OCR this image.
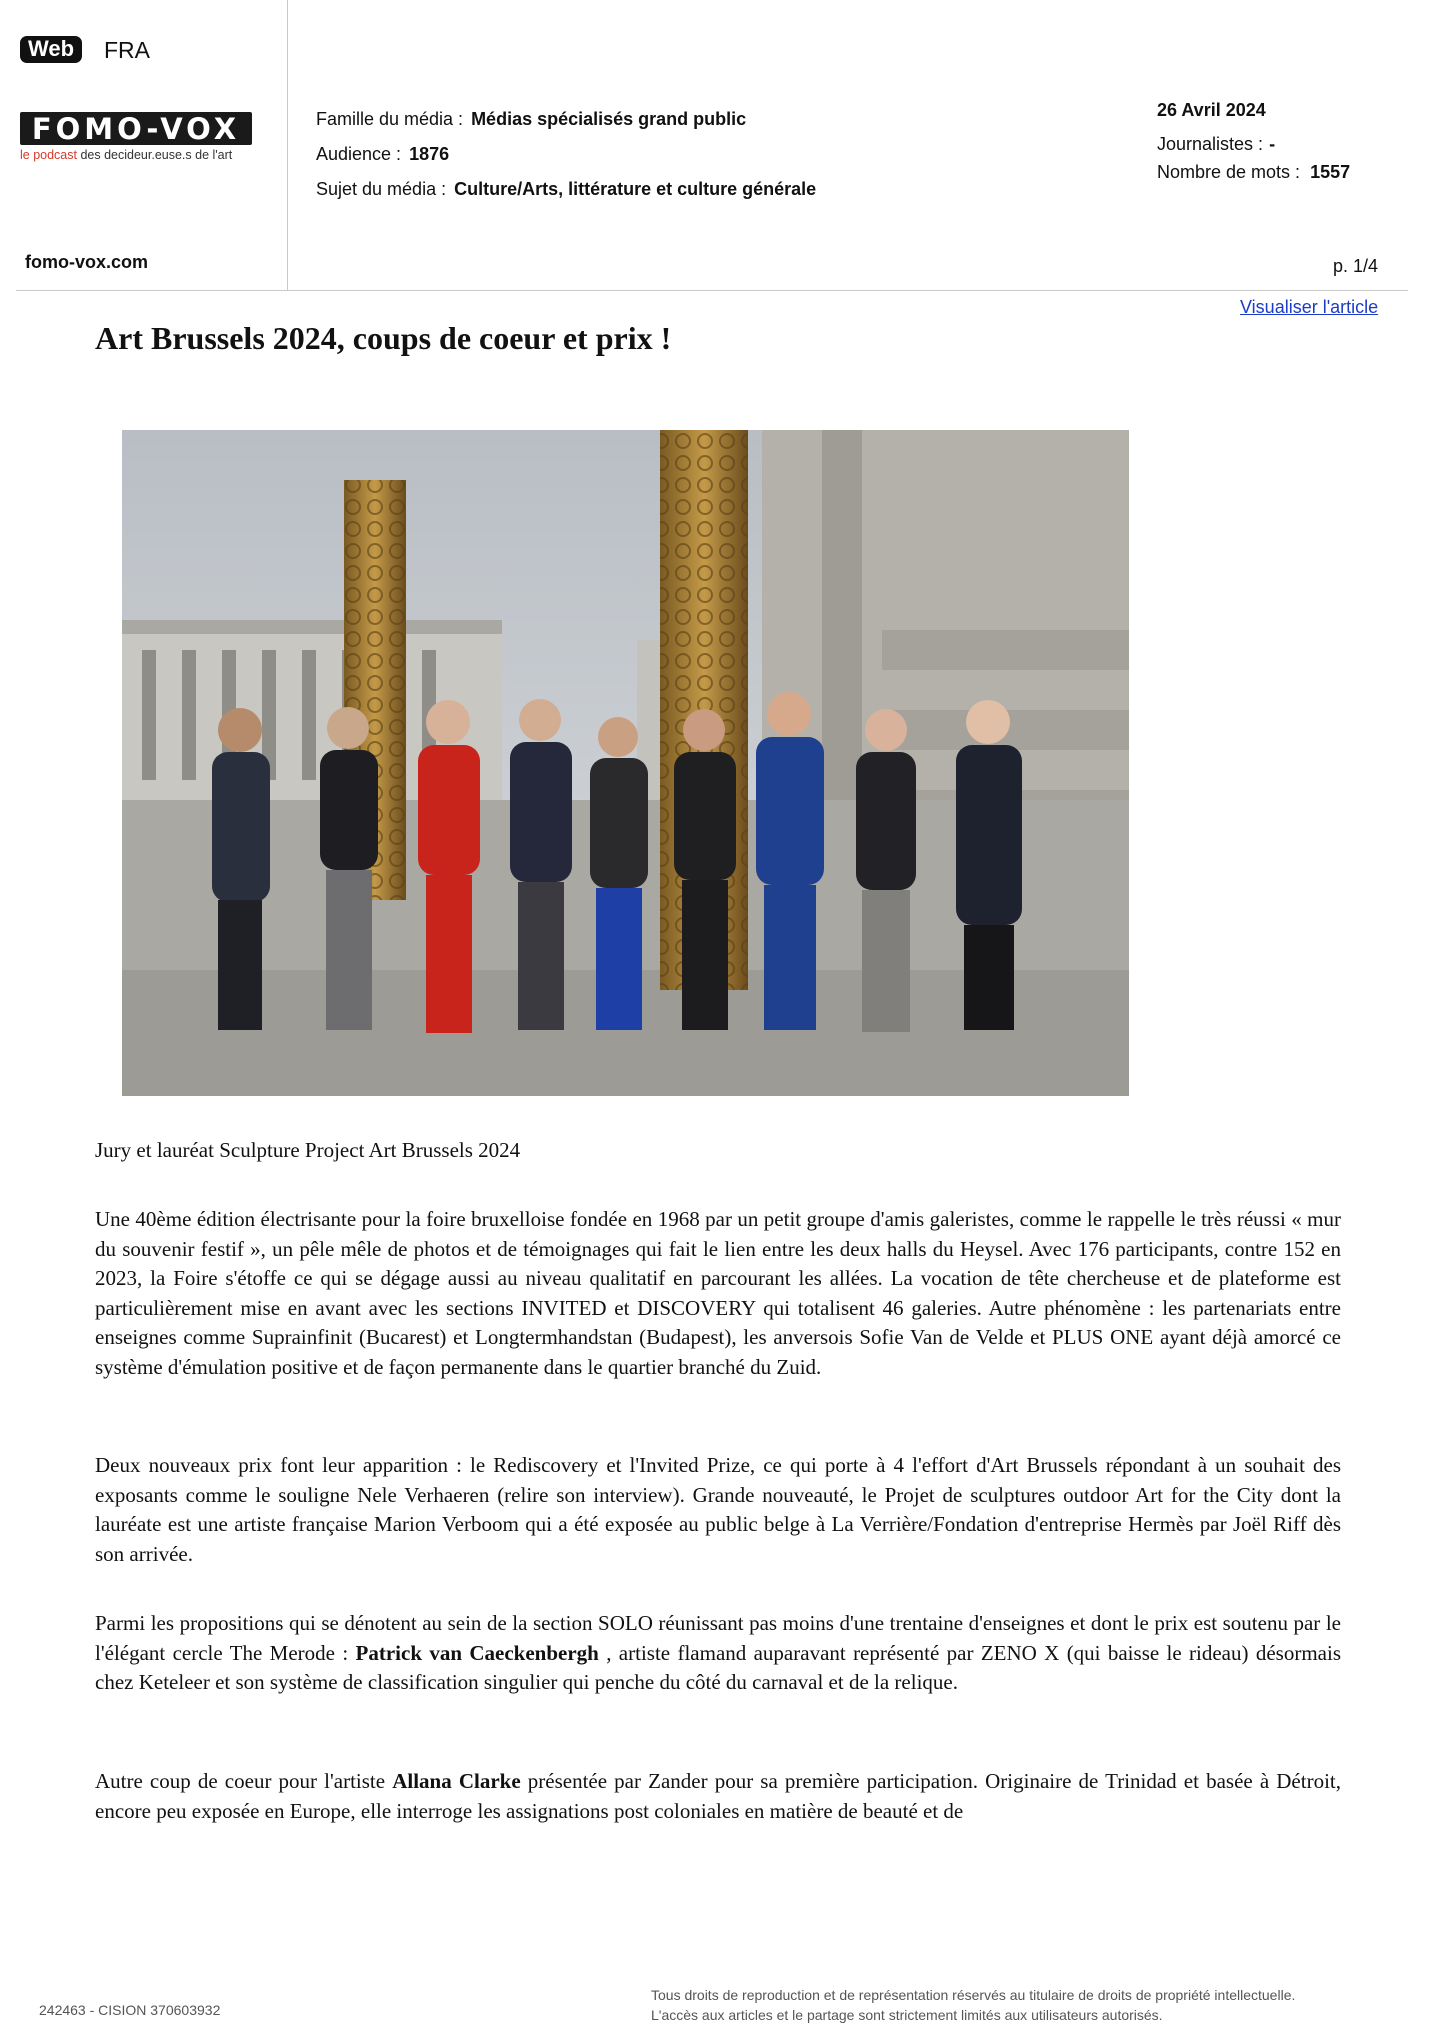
Web	FRA
FOMO-VOX
le podcast des decideur.euse.s de l'art
Famille du média : Médias spécialisés grand public
Audience : 1876
Sujet du média : Culture/Arts, littérature et culture générale
26 Avril 2024
Journalistes : -
Nombre de mots : 1557
fomo-vox.com	p. 1/4
Visualiser l'article
Art Brussels 2024, coups de coeur et prix !
Jury et lauréat Sculpture Project Art Brussels 2024

Une 40ème édition électrisante pour la foire bruxelloise fondée en 1968 par un petit groupe d'amis galeristes, comme le rappelle le très réussi « mur du souvenir festif », un pêle mêle de photos et de témoignages qui fait le lien entre les deux halls du Heysel. Avec 176 participants, contre 152 en 2023, la Foire s'étoffe ce qui se dégage aussi au niveau qualitatif en parcourant les allées. La vocation de tête chercheuse et de plateforme est particulièrement mise en avant avec les sections INVITED et DISCOVERY qui totalisent 46 galeries. Autre phénomène : les partenariats entre enseignes comme Suprainfinit (Bucarest) et Longtermhandstan (Budapest), les anversois Sofie Van de Velde et PLUS ONE ayant déjà amorcé ce système d'émulation positive et de façon permanente dans le quartier branché du Zuid.

Deux nouveaux prix font leur apparition : le Rediscovery et l'Invited Prize, ce qui porte à 4 l'effort d'Art Brussels répondant à un souhait des exposants comme le souligne Nele Verhaeren (relire son interview). Grande nouveauté, le Projet de sculptures outdoor Art for the City dont la lauréate est une artiste française Marion Verboom qui a été exposée au public belge à La Verrière/Fondation d'entreprise Hermès par Joël Riff dès son arrivée.

Parmi les propositions qui se dénotent au sein de la section SOLO réunissant pas moins d'une trentaine d'enseignes et dont le prix est soutenu par le l'élégant cercle The Merode : Patrick van Caeckenbergh , artiste flamand auparavant représenté par ZENO X (qui baisse le rideau) désormais chez Keteleer et son système de classification singulier qui penche du côté du carnaval et de la relique.

Autre coup de coeur pour l'artiste Allana Clarke présentée par Zander pour sa première participation. Originaire de Trinidad et basée à Détroit, encore peu exposée en Europe, elle interroge les assignations post coloniales en matière de beauté et de

242463 - CISION 370603932
Tous droits de reproduction et de représentation réservés au titulaire de droits de propriété intellectuelle.
L'accès aux articles et le partage sont strictement limités aux utilisateurs autorisés.
